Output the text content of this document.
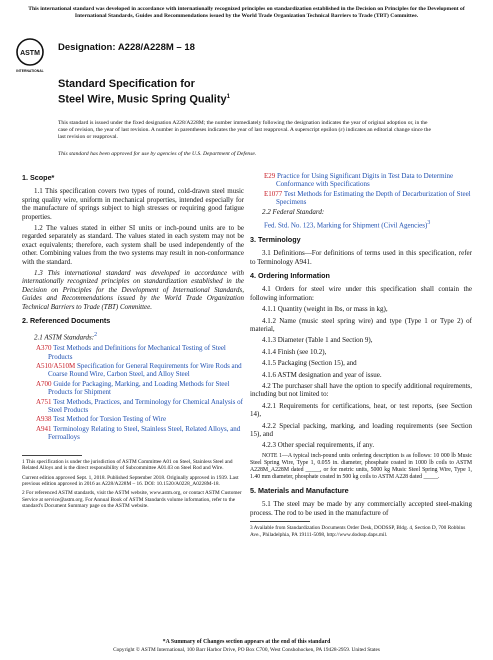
This international standard was developed in accordance with internationally recognized principles on standardization established in the Decision on Principles for the Development of International Standards, Guides and Recommendations issued by the World Trade Organization Technical Barriers to Trade (TBT) Committee.
ASTM
INTERNATIONAL
Designation: A228/A228M – 18
Standard Specification for
Steel Wire, Music Spring Quality$^1$
This standard is issued under the fixed designation A228/A228M; the number immediately following the designation indicates the year of original adoption or, in the case of revision, the year of last revision. A number in parentheses indicates the year of last reapproval. A superscript epsilon (ε) indicates an editorial change since the last revision or reapproval.
This standard has been approved for use by agencies of the U.S. Department of Defense.
1. Scope*

1.1 This specification covers two types of round, cold-drawn steel music spring quality wire, uniform in mechanical properties, intended especially for the manufacture of springs subject to high stresses or requiring good fatigue properties.

1.2 The values stated in either SI units or inch-pound units are to be regarded separately as standard. The values stated in each system may not be exact equivalents; therefore, each system shall be used independently of the other. Combining values from the two systems may result in non-conformance with the standard.

1.3 This international standard was developed in accordance with internationally recognized principles on standardization established in the Decision on Principles for the Development of International Standards, Guides and Recommendations issued by the World Trade Organization Technical Barriers to Trade (TBT) Committee.

2. Referenced Documents

2.1 ASTM Standards:$^2$

A370 Test Methods and Definitions for Mechanical Testing of Steel Products
A510/A510M Specification for General Requirements for Wire Rods and Coarse Round Wire, Carbon Steel, and Alloy Steel
A700 Guide for Packaging, Marking, and Loading Methods for Steel Products for Shipment
A751 Test Methods, Practices, and Terminology for Chemical Analysis of Steel Products
A938 Test Method for Torsion Testing of Wire
A941 Terminology Relating to Steel, Stainless Steel, Related Alloys, and Ferroalloys
1 This specification is under the jurisdiction of ASTM Committee A01 on Steel, Stainless Steel and Related Alloys and is the direct responsibility of Subcommittee A01.03 on Steel Rod and Wire.
Current edition approved Sept. 1, 2018. Published September 2018. Originally approved in 1939. Last previous edition approved in 2016 as A228/A228M – 16. DOI: 10.1520/A0228_A0228M-18.
2 For referenced ASTM standards, visit the ASTM website, www.astm.org, or contact ASTM Customer Service at service@astm.org. For Annual Book of ASTM Standards volume information, refer to the standard's Document Summary page on the ASTM website.
E29 Practice for Using Significant Digits in Test Data to Determine Conformance with Specifications
E1077 Test Methods for Estimating the Depth of Decarburization of Steel Specimens

2.2 Federal Standard:

Fed. Std. No. 123, Marking for Shipment (Civil Agencies)$^3$

3. Terminology

3.1 Definitions—For definitions of terms used in this specification, refer to Terminology A941.

4. Ordering Information

4.1 Orders for steel wire under this specification shall contain the following information:

4.1.1 Quantity (weight in lbs, or mass in kg),

4.1.2 Name (music steel spring wire) and type (Type 1 or Type 2) of material,

4.1.3 Diameter (Table 1 and Section 9),

4.1.4 Finish (see 10.2),

4.1.5 Packaging (Section 15), and

4.1.6 ASTM designation and year of issue.

4.2 The purchaser shall have the option to specify additional requirements, including but not limited to:

4.2.1 Requirements for certifications, heat, or test reports, (see Section 14),

4.2.2 Special packing, marking, and loading requirements (see Section 15), and

4.2.3 Other special requirements, if any.

NOTE 1—A typical inch-pound units ordering description is as follows: 10 000 lb Music Steel Spring Wire, Type 1, 0.055 in. diameter, phosphate coated in 1000 lb coils to ASTM A228M_A228M dated _____, or for metric units, 5000 kg Music Steel Spring Wire, Type 1, 1.40 mm diameter, phosphate coated in 500 kg coils to ASTM A228 dated _____.

5. Materials and Manufacture

5.1 The steel may be made by any commercially accepted steel-making process. The rod to be used in the manufacture of

3 Available from Standardization Documents Order Desk, DODSSP, Bldg. 4, Section D, 700 Robbins Ave., Philadelphia, PA 19111-5098, http://www.dodssp.daps.mil.
*A Summary of Changes section appears at the end of this standard
Copyright © ASTM International, 100 Barr Harbor Drive, PO Box C700, West Conshohocken, PA 19428-2959. United States
